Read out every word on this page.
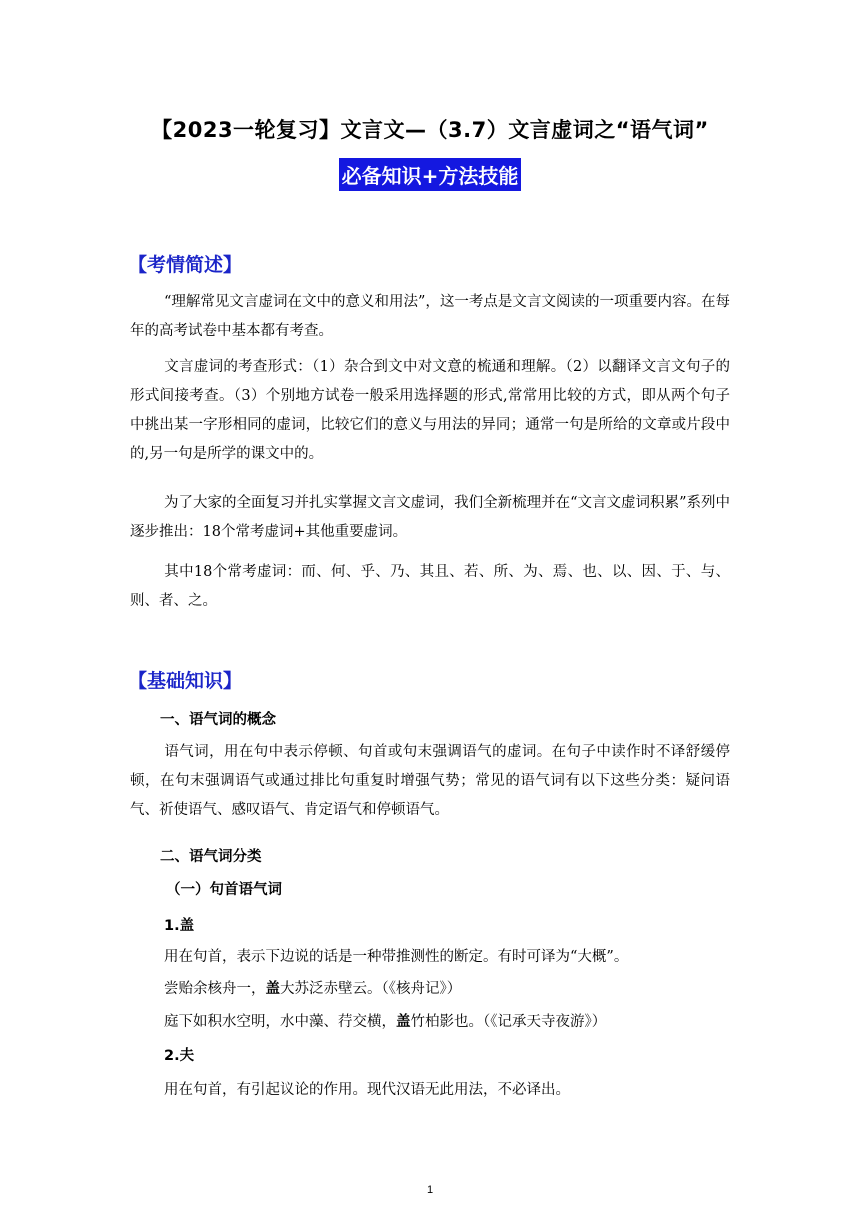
【2023一轮复习】文言文—（3.7）文言虚词之“语气词”
必备知识+方法技能
【考情简述】
“理解常见文言虚词在文中的意义和用法”，这一考点是文言文阅读的一项重要内容。在每年的高考试卷中基本都有考查。
文言虚词的考查形式：（1）杂合到文中对文意的梳通和理解。（2）以翻译文言文句子的形式间接考查。（3）个别地方试卷一般采用选择题的形式,常常用比较的方式，即从两个句子中挑出某一字形相同的虚词，比较它们的意义与用法的异同；通常一句是所给的文章或片段中的,另一句是所学的课文中的。
为了大家的全面复习并扎实掌握文言文虚词，我们全新梳理并在“文言文虚词积累”系列中逐步推出：18个常考虚词+其他重要虚词。
其中18个常考虚词：而、何、乎、乃、其且、若、所、为、焉、也、以、因、于、与、则、者、之。
【基础知识】
一、语气词的概念
语气词，用在句中表示停顿、句首或句末强调语气的虚词。在句子中读作时不译舒缓停顿，在句末强调语气或通过排比句重复时增强气势；常见的语气词有以下这些分类：疑问语气、祈使语气、感叹语气、肯定语气和停顿语气。
二、语气词分类
（一）句首语气词
1.盖
用在句首，表示下边说的话是一种带推测性的断定。有时可译为“大概”。
尝贻余核舟一，盖大苏泛赤壁云。（《核舟记》）
庭下如积水空明，水中藻、荇交横，盖竹柏影也。（《记承天寺夜游》）
2.夫
用在句首，有引起议论的作用。现代汉语无此用法，不必译出。
1
